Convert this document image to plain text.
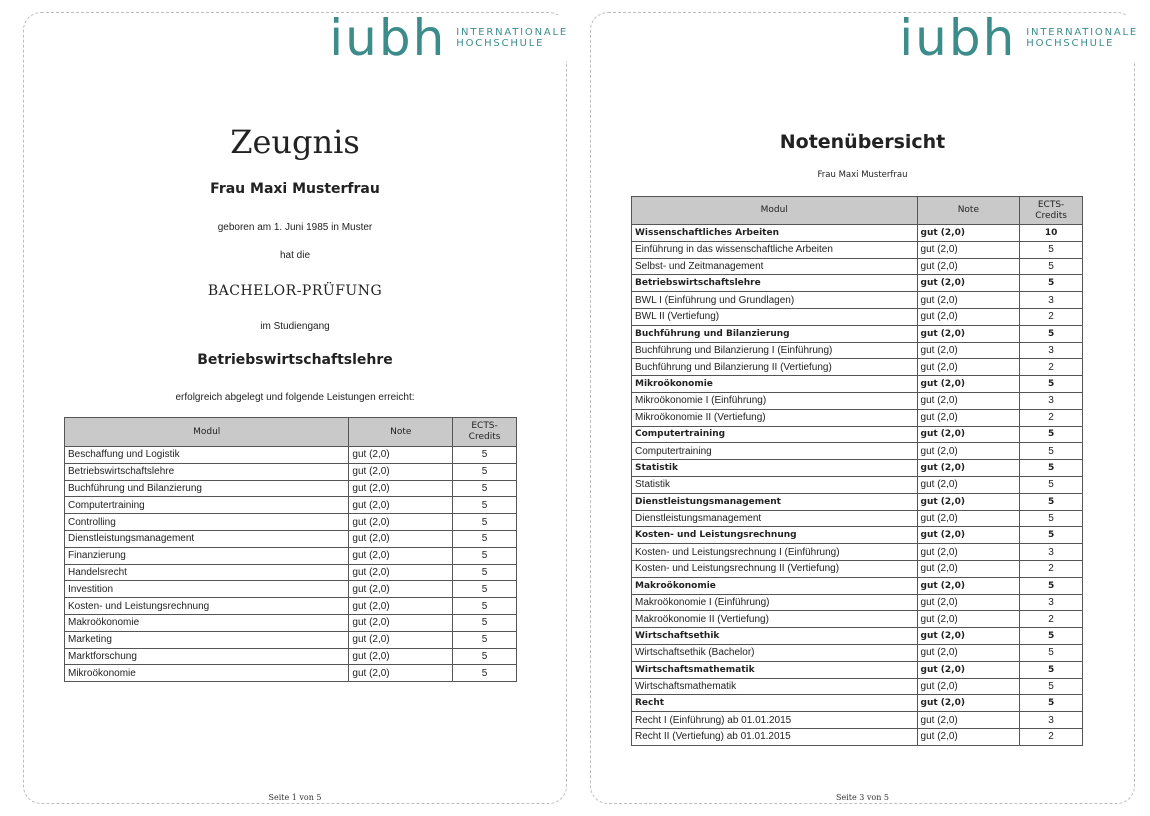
iubh INTERNATIONALE
HOCHSCHULE
Zeugnis
Frau Maxi Musterfrau
geboren am 1. Juni 1985 in Muster
hat die
BACHELOR-PRÜFUNG
im Studiengang
Betriebswirtschaftslehre
erfolgreich abgelegt und folgende Leistungen erreicht:
Modul	Note	ECTS-
Credits
Beschaffung und Logistik	gut (2,0)	5
Betriebswirtschaftslehre	gut (2,0)	5
Buchführung und Bilanzierung	gut (2,0)	5
Computertraining	gut (2,0)	5
Controlling	gut (2,0)	5
Dienstleistungsmanagement	gut (2,0)	5
Finanzierung	gut (2,0)	5
Handelsrecht	gut (2,0)	5
Investition	gut (2,0)	5
Kosten- und Leistungsrechnung	gut (2,0)	5
Makroökonomie	gut (2,0)	5
Marketing	gut (2,0)	5
Marktforschung	gut (2,0)	5
Mikroökonomie	gut (2,0)	5
Seite 1 von 5
iubh INTERNATIONALE
HOCHSCHULE
Notenübersicht
Frau Maxi Musterfrau
Modul	Note	ECTS-
Credits
Wissenschaftliches Arbeiten	gut (2,0)	10
Einführung in das wissenschaftliche Arbeiten	gut (2,0)	5
Selbst- und Zeitmanagement	gut (2,0)	5
Betriebswirtschaftslehre	gut (2,0)	5
BWL I (Einführung und Grundlagen)	gut (2,0)	3
BWL II (Vertiefung)	gut (2,0)	2
Buchführung und Bilanzierung	gut (2,0)	5
Buchführung und Bilanzierung I (Einführung)	gut (2,0)	3
Buchführung und Bilanzierung II (Vertiefung)	gut (2,0)	2
Mikroökonomie	gut (2,0)	5
Mikroökonomie I (Einführung)	gut (2,0)	3
Mikroökonomie II (Vertiefung)	gut (2,0)	2
Computertraining	gut (2,0)	5
Computertraining	gut (2,0)	5
Statistik	gut (2,0)	5
Statistik	gut (2,0)	5
Dienstleistungsmanagement	gut (2,0)	5
Dienstleistungsmanagement	gut (2,0)	5
Kosten- und Leistungsrechnung	gut (2,0)	5
Kosten- und Leistungsrechnung I (Einführung)	gut (2,0)	3
Kosten- und Leistungsrechnung II (Vertiefung)	gut (2,0)	2
Makroökonomie	gut (2,0)	5
Makroökonomie I (Einführung)	gut (2,0)	3
Makroökonomie II (Vertiefung)	gut (2,0)	2
Wirtschaftsethik	gut (2,0)	5
Wirtschaftsethik (Bachelor)	gut (2,0)	5
Wirtschaftsmathematik	gut (2,0)	5
Wirtschaftsmathematik	gut (2,0)	5
Recht	gut (2,0)	5
Recht I (Einführung) ab 01.01.2015	gut (2,0)	3
Recht II (Vertiefung) ab 01.01.2015	gut (2,0)	2
Seite 3 von 5
